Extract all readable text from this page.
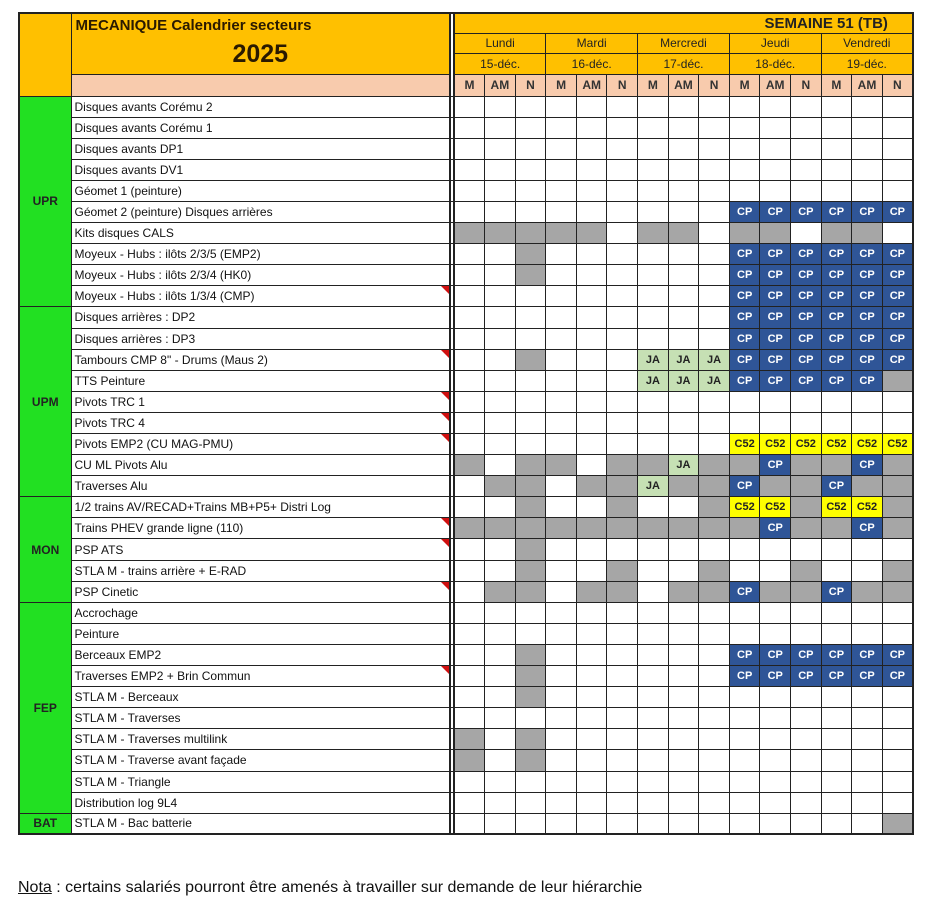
	MECANIQUE Calendrier secteurs
2025		SEMAINE 51 (TB)														
			Lundi			Mardi			Mercredi			Jeudi			Vendredi		
			15-déc.			16-déc.			17-déc.			18-déc.			19-déc.		
			M	AM	N	M	AM	N	M	AM	N	M	AM	N	M	AM	N
UPR	Disques avants Corému 2																
	Disques avants Corému 1																
	Disques avants DP1																
	Disques avants DV1																
	Géomet 1 (peinture)																
	Géomet 2 (peinture) Disques arrières											CP	CP	CP	CP	CP	CP
	Kits disques CALS																
	Moyeux - Hubs : ilôts 2/3/5 (EMP2)											CP	CP	CP	CP	CP	CP
	Moyeux - Hubs : ilôts 2/3/4 (HK0)											CP	CP	CP	CP	CP	CP
	Moyeux - Hubs : ilôts 1/3/4 (CMP)											CP	CP	CP	CP	CP	CP
UPM	Disques arrières : DP2											CP	CP	CP	CP	CP	CP
	Disques arrières : DP3											CP	CP	CP	CP	CP	CP
	Tambours CMP 8" - Drums (Maus 2)								JA	JA	JA	CP	CP	CP	CP	CP	CP
	TTS Peinture								JA	JA	JA	CP	CP	CP	CP	CP	
	Pivots TRC 1

	Pivots TRC 4

	Pivots EMP2 (CU MAG-PMU)											C52	C52	C52	C52	C52	C52
	CU ML Pivots Alu									JA			CP			CP	
	Traverses Alu								JA			CP			CP		
MON	1/2 trains AV/RECAD+Trains MB+P5+ Distri Log											C52	C52		C52	C52	
	Trains PHEV grande ligne (110)												CP			CP	
	PSP ATS

	STLA M - trains arrière + E-RAD																
	PSP Cinetic											CP			CP		
FEP	Accrochage																
	Peinture																
	Berceaux EMP2											CP	CP	CP	CP	CP	CP
	Traverses EMP2 + Brin Commun											CP	CP	CP	CP	CP	CP
	STLA M - Berceaux																
	STLA M - Traverses																
	STLA M - Traverses multilink																
	STLA M - Traverse avant façade																
	STLA M - Triangle																
	Distribution log 9L4																
BAT	STLA M - Bac batterie																
Nota : certains salariés pourront être amenés à travailler sur demande de leur hiérarchie
